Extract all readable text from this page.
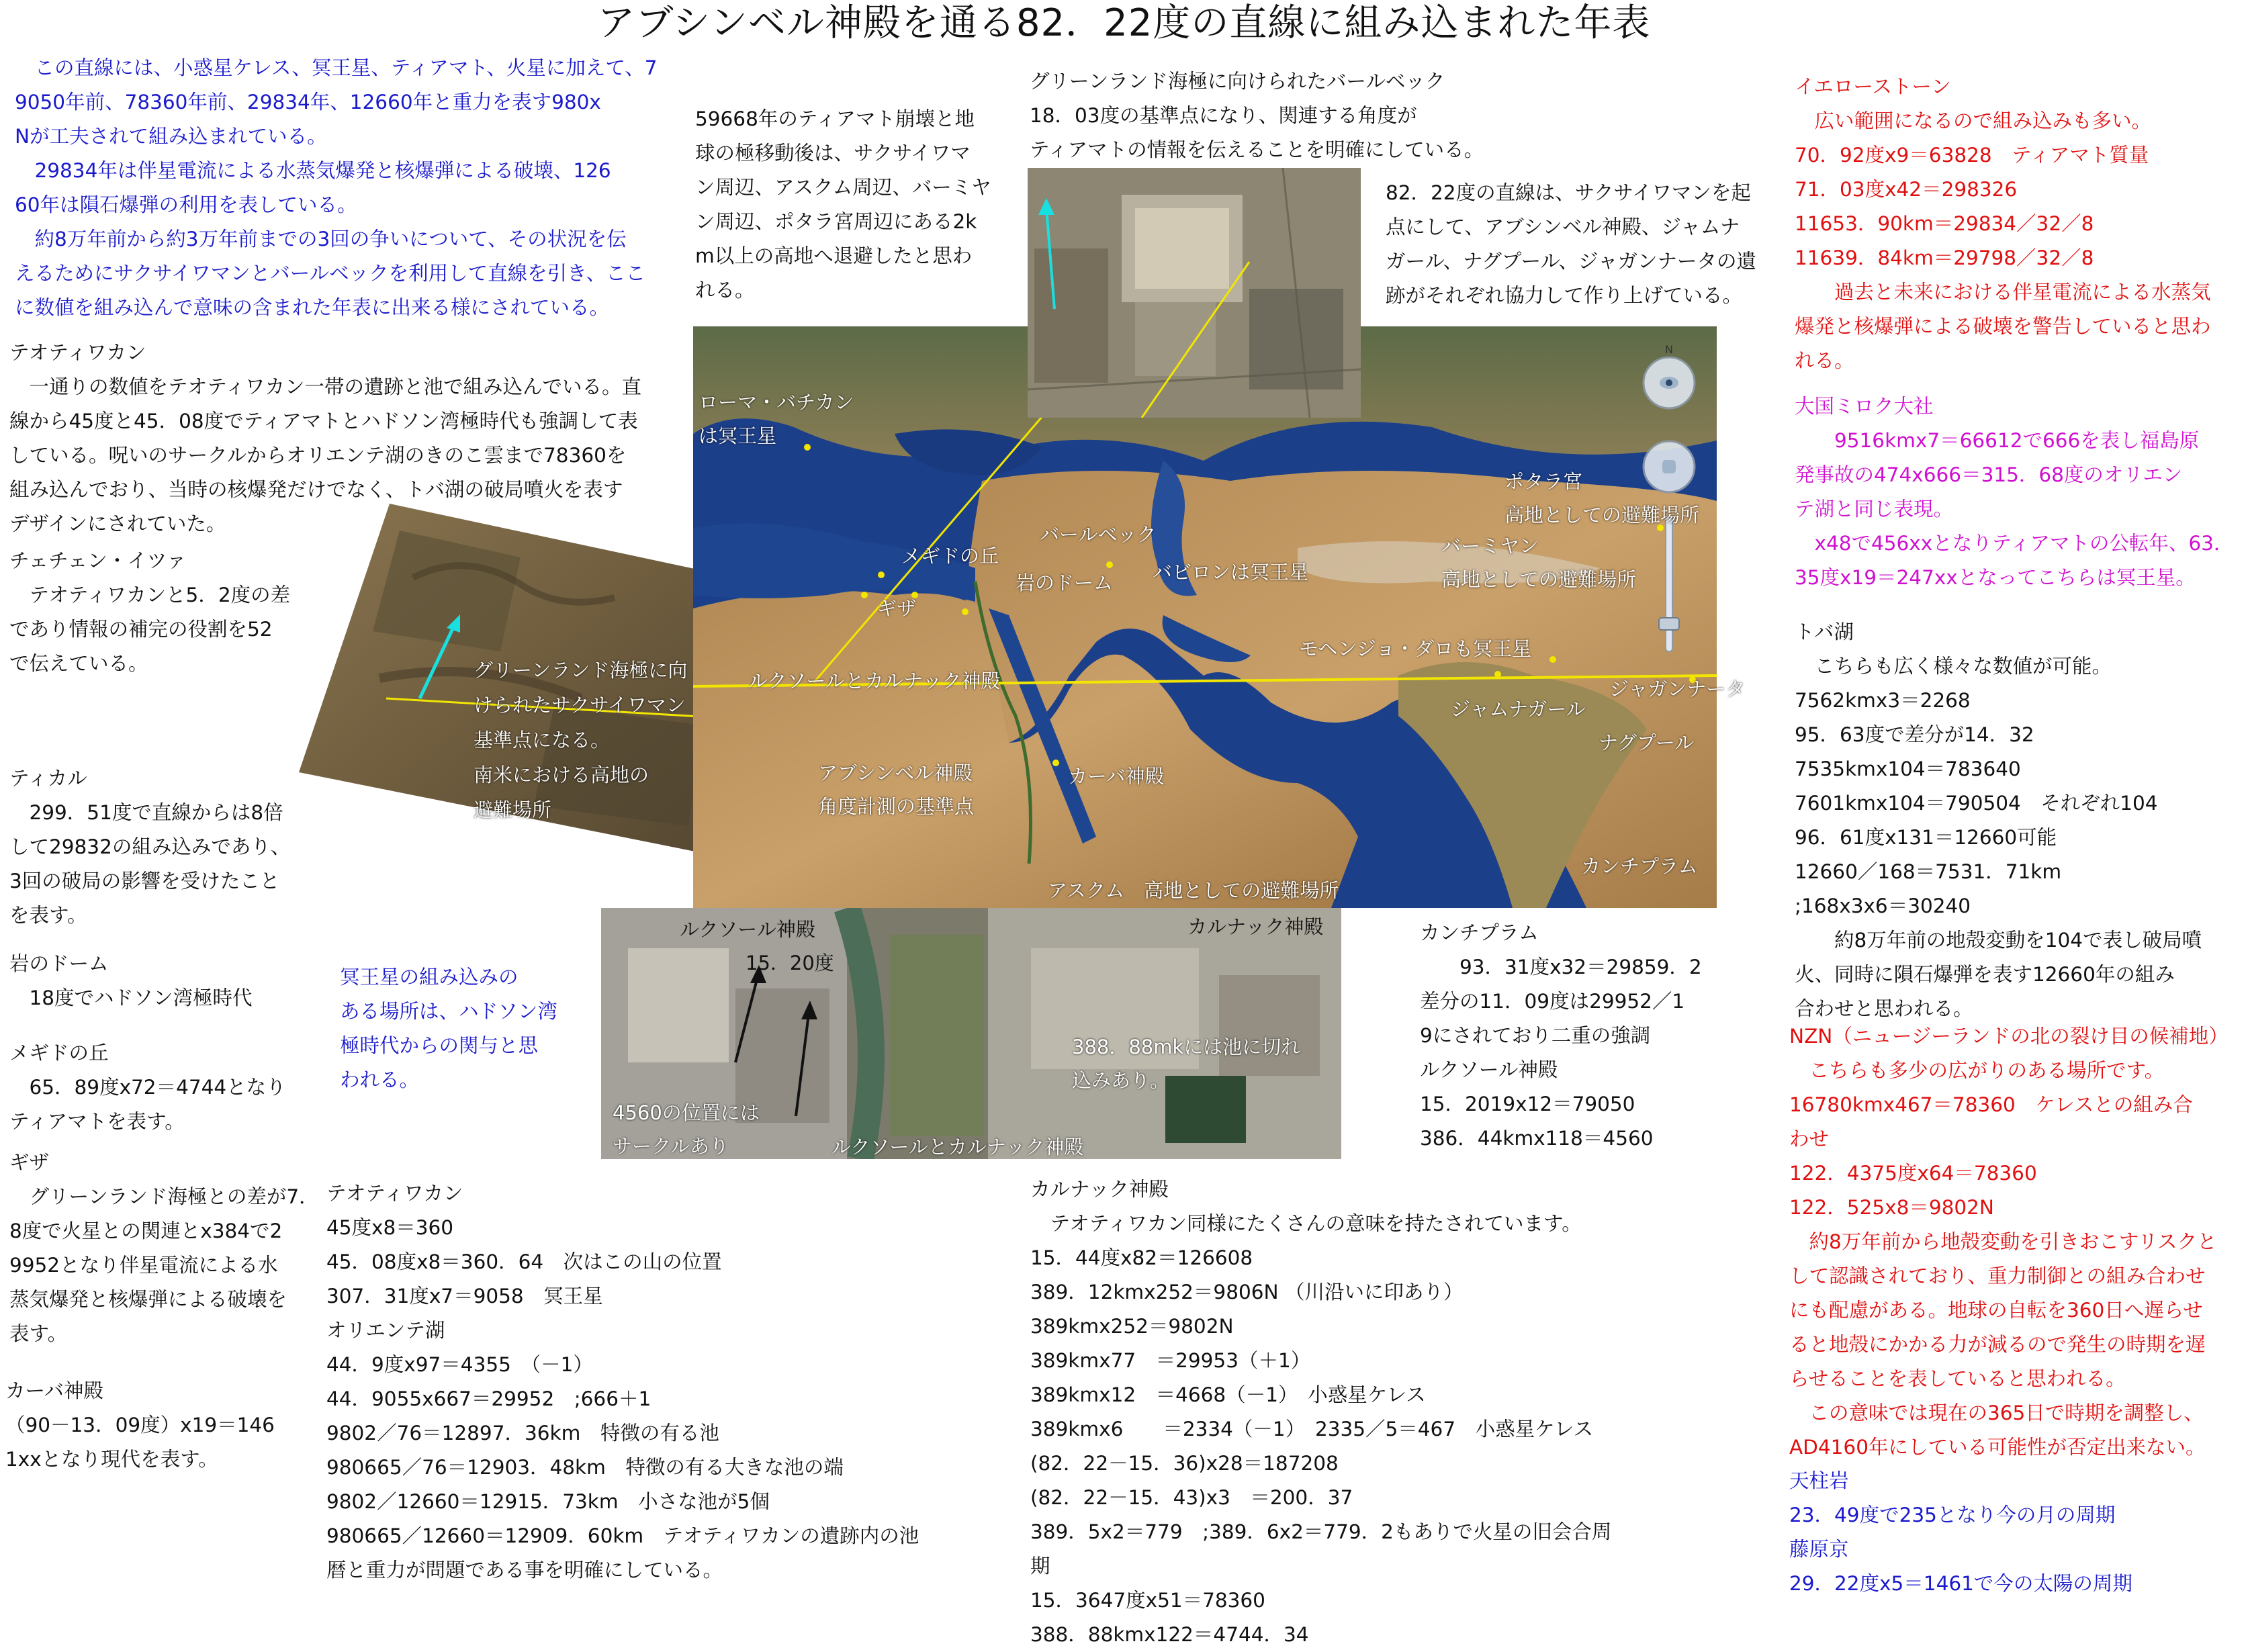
アブシンベル神殿を通る82．22度の直線に組み込まれた年表
　この直線には、小惑星ケレス、冥王星、ティアマト、火星に加えて、7
9050年前、78360年前、29834年、12660年と重力を表す980x
Nが工夫されて組み込まれている。
　29834年は伴星電流による水蒸気爆発と核爆弾による破壊、126
60年は隕石爆弾の利用を表している。
　約8万年前から約3万年前までの3回の争いについて、その状況を伝
えるためにサクサイワマンとバールベックを利用して直線を引き、ここ
に数値を組み込んで意味の含まれた年表に出来る様にされている。
テオティワカン
　一通りの数値をテオティワカン一帯の遺跡と池で組み込んでいる。直
線から45度と45．08度でティアマトとハドソン湾極時代も強調して表
している。呪いのサークルからオリエンテ湖のきのこ雲まで78360を
組み込んでおり、当時の核爆発だけでなく、トバ湖の破局噴火を表す
デザインにされていた。
チェチェン・イツァ
　テオティワカンと5．2度の差
であり情報の補完の役割を52
で伝えている。
ティカル
　299．51度で直線からは8倍
して29832の組み込みであり、
3回の破局の影響を受けたこと
を表す。
岩のドーム
　18度でハドソン湾極時代
メギドの丘
　65．89度x72＝4744となり
ティアマトを表す。
ギザ
　グリーンランド海極との差が7．
8度で火星との関連とx384で2
9952となり伴星電流による水
蒸気爆発と核爆弾による破壊を
表す。
カーバ神殿
（90－13．09度）x19＝146
1xxとなり現代を表す。
冥王星の組み込みの
ある場所は、ハドソン湾
極時代からの関与と思
われる。
グリーンランド海極に向
けられたサクサイワマン
基準点になる。
南米における高地の
避難場所
59668年のティアマト崩壊と地
球の極移動後は、サクサイワマ
ン周辺、アスクム周辺、バーミヤ
ン周辺、ポタラ宮周辺にある2k
m以上の高地へ退避したと思わ
れる。
グリーンランド海極に向けられたバールベック
18．03度の基準点になり、関連する角度が
ティアマトの情報を伝えることを明確にしている。
82．22度の直線は、サクサイワマンを起
点にして、アブシンベル神殿、ジャムナ
ガール、ナグプール、ジャガンナータの遺
跡がそれぞれ協力して作り上げている。
N
ローマ・バチカン
は冥王星
ポタラ宮
高地としての避難場所
バールベック
メギドの丘
岩のドーム	バビロンは冥王星
バーミヤン
高地としての避難場所
ギザ
モヘンジョ・ダロも冥王星
ルクソールとカルナック神殿	ジャガンナータ
ジャムナガール
ナグプール
アブシンベル神殿
角度計測の基準点
カーバ神殿
カンチプラム
アスクム　高地としての避難場所
ルクソール神殿
15．20度
4560の位置には
サークルあり	ルクソールとカルナック神殿
カルナック神殿
388．88mkには池に切れ
込みあり。
テオティワカン
45度x8＝360
45．08度x8＝360．64　次はこの山の位置
307．31度x7＝9058　冥王星
オリエンテ湖
44．9度x97＝4355　（－1）
44．9055x667＝29952　;666＋1
9802／76＝12897．36km　特徴の有る池
980665／76＝12903．48km　特徴の有る大きな池の端
9802／12660＝12915．73km　小さな池が5個
980665／12660＝12909．60km　テオティワカンの遺跡内の池
暦と重力が問題である事を明確にしている。
カルナック神殿
　テオティワカン同様にたくさんの意味を持たされています。
15．44度x82＝126608
389．12kmx252＝9806N （川沿いに印あり）
389kmx252＝9802N
389kmx77　＝29953（＋1）
389kmx12　＝4668（－1）　小惑星ケレス
389kmx6　　＝2334（－1）　2335／5＝467　小惑星ケレス
(82．22－15．36)x28＝187208
(82．22－15．43)x3　＝200．37
389．5x2＝779　;389．6x2＝779．2もありで火星の旧会合周期
15．3647度x51＝78360
388．88kmx122＝4744．34
カンチプラム
　　93．31度x32＝29859．2
差分の11．09度は29952／1
9にされており二重の強調
ルクソール神殿
15．2019x12＝79050
386．44kmx118＝4560
イエローストーン
　広い範囲になるので組み込みも多い。
70．92度x9＝63828　ティアマト質量
71．03度x42＝298326
11653．90km＝29834／32／8
11639．84km＝29798／32／8
　　過去と未来における伴星電流による水蒸気
爆発と核爆弾による破壊を警告していると思わ
れる。
大国ミロク大社
　　9516kmx7＝66612で666を表し福島原
発事故の474x666＝315．68度のオリエン
テ湖と同じ表現。
　x48で456xxとなりティアマトの公転年、63．
35度x19＝247xxとなってこちらは冥王星。
トバ湖
　こちらも広く様々な数値が可能。
7562kmx3＝2268
95．63度で差分が14．32
7535kmx104＝783640
7601kmx104＝790504　それぞれ104
96．61度x131＝12660可能
12660／168＝7531．71km
;168x3x6＝30240
　　約8万年前の地殻変動を104で表し破局噴
火、同時に隕石爆弾を表す12660年の組み
合わせと思われる。
NZN（ニュージーランドの北の裂け目の候補地）
　こちらも多少の広がりのある場所です。
16780kmx467＝78360　ケレスとの組み合
わせ
122．4375度x64＝78360
122．525x8＝9802N
　約8万年前から地殻変動を引きおこすリスクと
して認識されており、重力制御との組み合わせ
にも配慮がある。地球の自転を360日へ遅らせ
ると地殻にかかる力が減るので発生の時期を遅
らせることを表していると思われる。
　この意味では現在の365日で時期を調整し、
AD4160年にしている可能性が否定出来ない。
天柱岩
23．49度で235となり今の月の周期
藤原京
29．22度x5＝1461で今の太陽の周期
